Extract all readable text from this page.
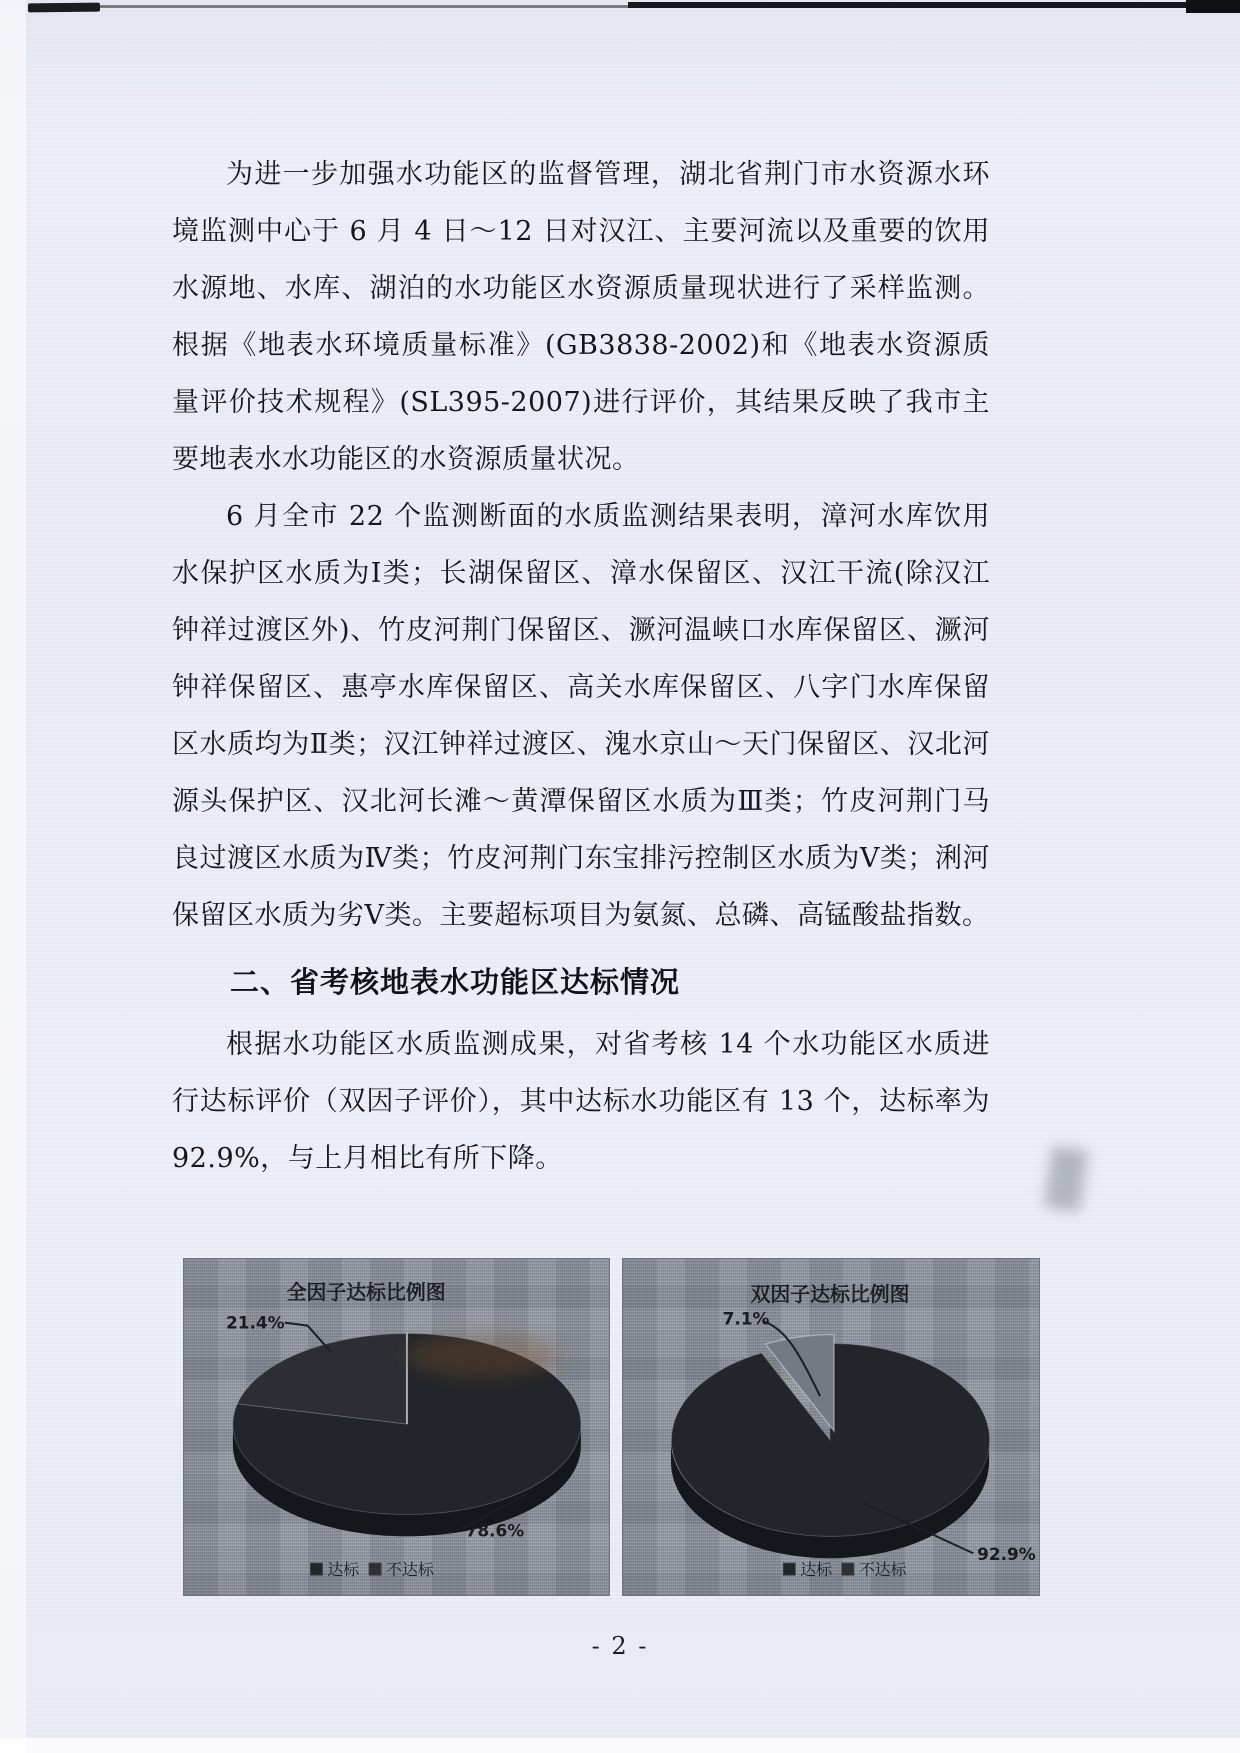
为进一步加强水功能区的监督管理，湖北省荆门市水资源水环境监测中心于 6 月 4 日～12 日对汉江、主要河流以及重要的饮用水源地、水库、湖泊的水功能区水资源质量现状进行了采样监测。根据《地表水环境质量标准》(GB3838-2002)和《地表水资源质量评价技术规程》(SL395-2007)进行评价，其结果反映了我市主要地表水水功能区的水资源质量状况。

6 月全市 22 个监测断面的水质监测结果表明，漳河水库饮用水保护区水质为Ⅰ类；长湖保留区、漳水保留区、汉江干流(除汉江钟祥过渡区外)、竹皮河荆门保留区、㵐河温峡口水库保留区、㵐河钟祥保留区、惠亭水库保留区、高关水库保留区、八字门水库保留区水质均为Ⅱ类；汉江钟祥过渡区、溾水京山～天门保留区、汉北河源头保护区、汉北河长滩～黄潭保留区水质为Ⅲ类；竹皮河荆门马良过渡区水质为Ⅳ类；竹皮河荆门东宝排污控制区水质为Ⅴ类；浰河保留区水质为劣Ⅴ类。主要超标项目为氨氮、总磷、高锰酸盐指数。

二、省考核地表水功能区达标情况

根据水功能区水质监测成果，对省考核 14 个水功能区水质进行达标评价（双因子评价），其中达标水功能区有 13 个，达标率为 92.9%，与上月相比有所下降。

全因子达标比例图
21.4%
78.6%
达标 不达标
双因子达标比例图
7.1%
92.9%
达标 不达标
- 2 -
